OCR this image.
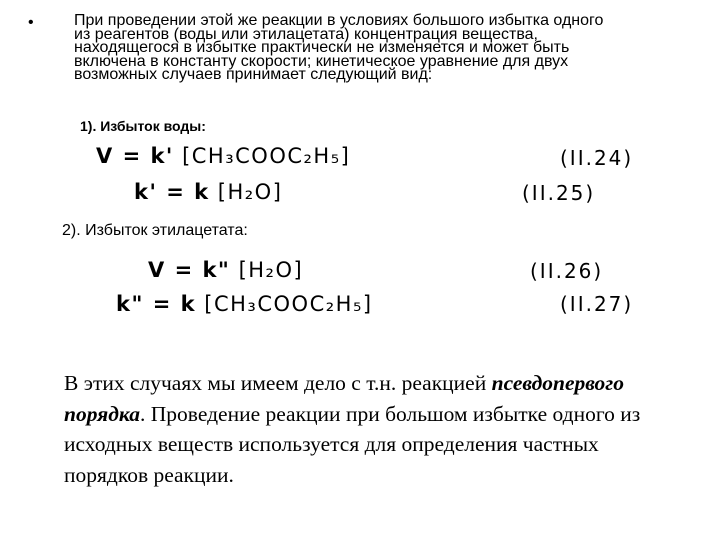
•	При проведении этой же реакции в условиях большого избытка одного из реагентов (воды или этилацетата) концентрация вещества, находящегося в избытке практически не изменяется и может быть включена в константу скорости; кинетическое уравнение для двух возможных случаев принимает следующий вид:

1). Избыток воды:
V = k' [CH₃COOC₂H₅]	(II.24)
k' = k [H₂O]	(II.25)
2). Избыток этилацетата:
V = k" [H₂O]	(II.26)
k" = k [CH₃COOC₂H₅]	(II.27)

В этих случаях мы имеем дело с т.н. реакцией псевдопервого порядка. Проведение реакции при большом избытке одного из исходных веществ используется для определения частных порядков реакции.
